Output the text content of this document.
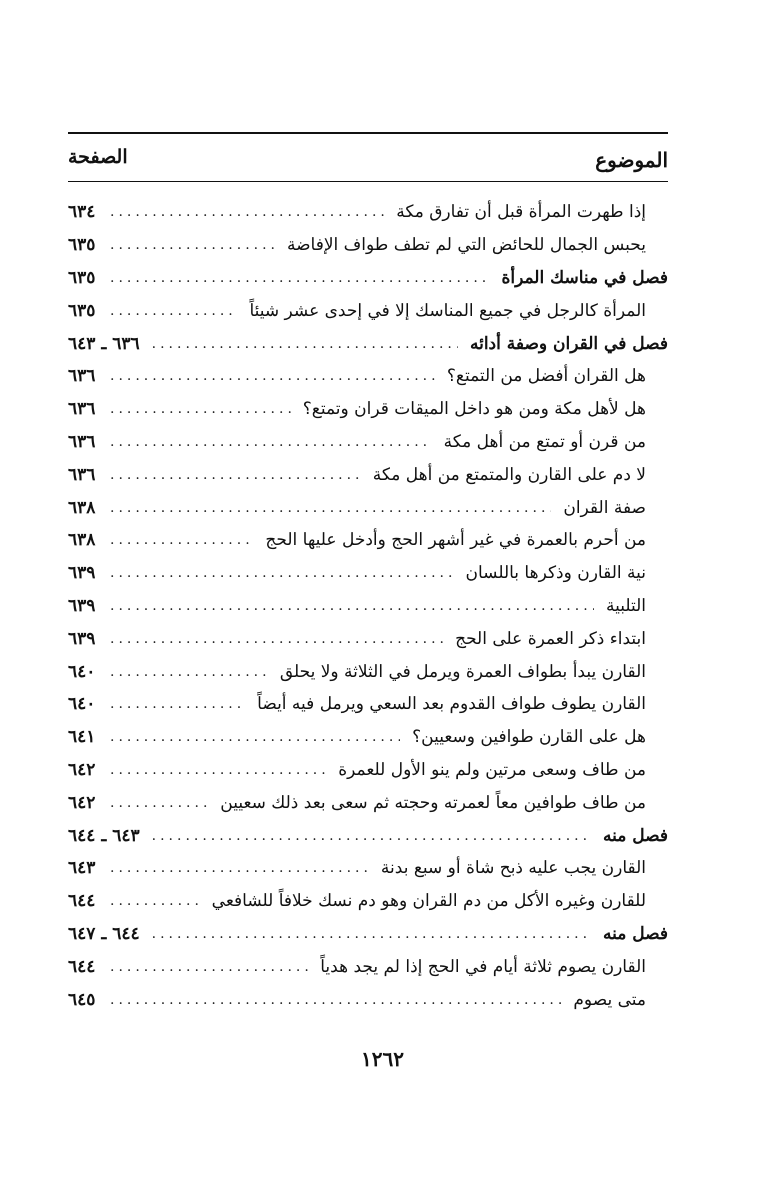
الموضوع
الصفحة
إذا طهرت المرأة قبل أن تفارق مكة
.....
٦٣٤
يحبس الجمال للحائض التي لم تطف طواف الإفاضة
.....
٦٣٥
فصل في مناسك المرأة
.....
٦٣٥
المرأة كالرجل في جميع المناسك إلا في إحدى عشر شيئاً
.....
٦٣٥
فصل في القران وصفة أدائه
.....
٦٣٦ ـ ٦٤٣
هل القران أفضل من التمتع؟
.....
٦٣٦
هل لأهل مكة ومن هو داخل الميقات قران وتمتع؟
.....
٦٣٦
من قرن أو تمتع من أهل مكة
.....
٦٣٦
لا دم على القارن والمتمتع من أهل مكة
.....
٦٣٦
صفة القران
.....
٦٣٨
من أحرم بالعمرة في غير أشهر الحج وأدخل عليها الحج
.....
٦٣٨
نية القارن وذكرها باللسان
.....
٦٣٩
التلبية
.....
٦٣٩
ابتداء ذكر العمرة على الحج
.....
٦٣٩
القارن يبدأ بطواف العمرة ويرمل في الثلاثة ولا يحلق
.....
٦٤٠
القارن يطوف طواف القدوم بعد السعي ويرمل فيه أيضاً
.....
٦٤٠
هل على القارن طوافين وسعيين؟
.....
٦٤١
من طاف وسعى مرتين ولم ينو الأول للعمرة
.....
٦٤٢
من طاف طوافين معاً لعمرته وحجته ثم سعى بعد ذلك سعيين
.....
٦٤٢
فصل منه
.....
٦٤٣ ـ ٦٤٤
القارن يجب عليه ذبح شاة أو سبع بدنة
.....
٦٤٣
للقارن وغيره الأكل من دم القران وهو دم نسك خلافاً للشافعي
.....
٦٤٤
فصل منه
.....
٦٤٤ ـ ٦٤٧
القارن يصوم ثلاثة أيام في الحج إذا لم يجد هدياً
.....
٦٤٤
متى يصوم
.....
٦٤٥
١٢٦٢
